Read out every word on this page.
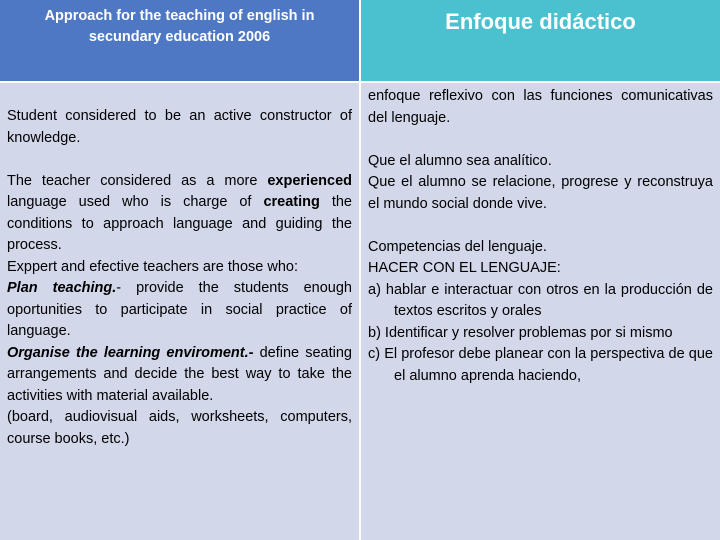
Approach for the teaching of english in secundary education 2006
Enfoque didáctico

Student considered to be an active constructor of knowledge.

The teacher considered as a more experienced language used who is charge of creating the conditions to approach language and guiding the process.

Exppert and efective teachers are those who:

Plan teaching.- provide the students enough oportunities to participate in social practice of language.

Organise the learning enviroment.- define seating arrangements and decide the best way to take the activities with material available.

(board, audiovisual aids, worksheets, computers, course books, etc.)

enfoque reflexivo con las funciones comunicativas del lenguaje.

Que el alumno sea analítico.

Que el alumno se relacione, progrese y reconstruya el mundo social donde vive.

Competencias del lenguaje.

HACER CON EL LENGUAJE:

a) hablar e interactuar con otros en la producción de textos escritos y orales

b) Identificar y resolver problemas por si mismo

c) El profesor debe planear con la perspectiva de que el alumno aprenda haciendo,
